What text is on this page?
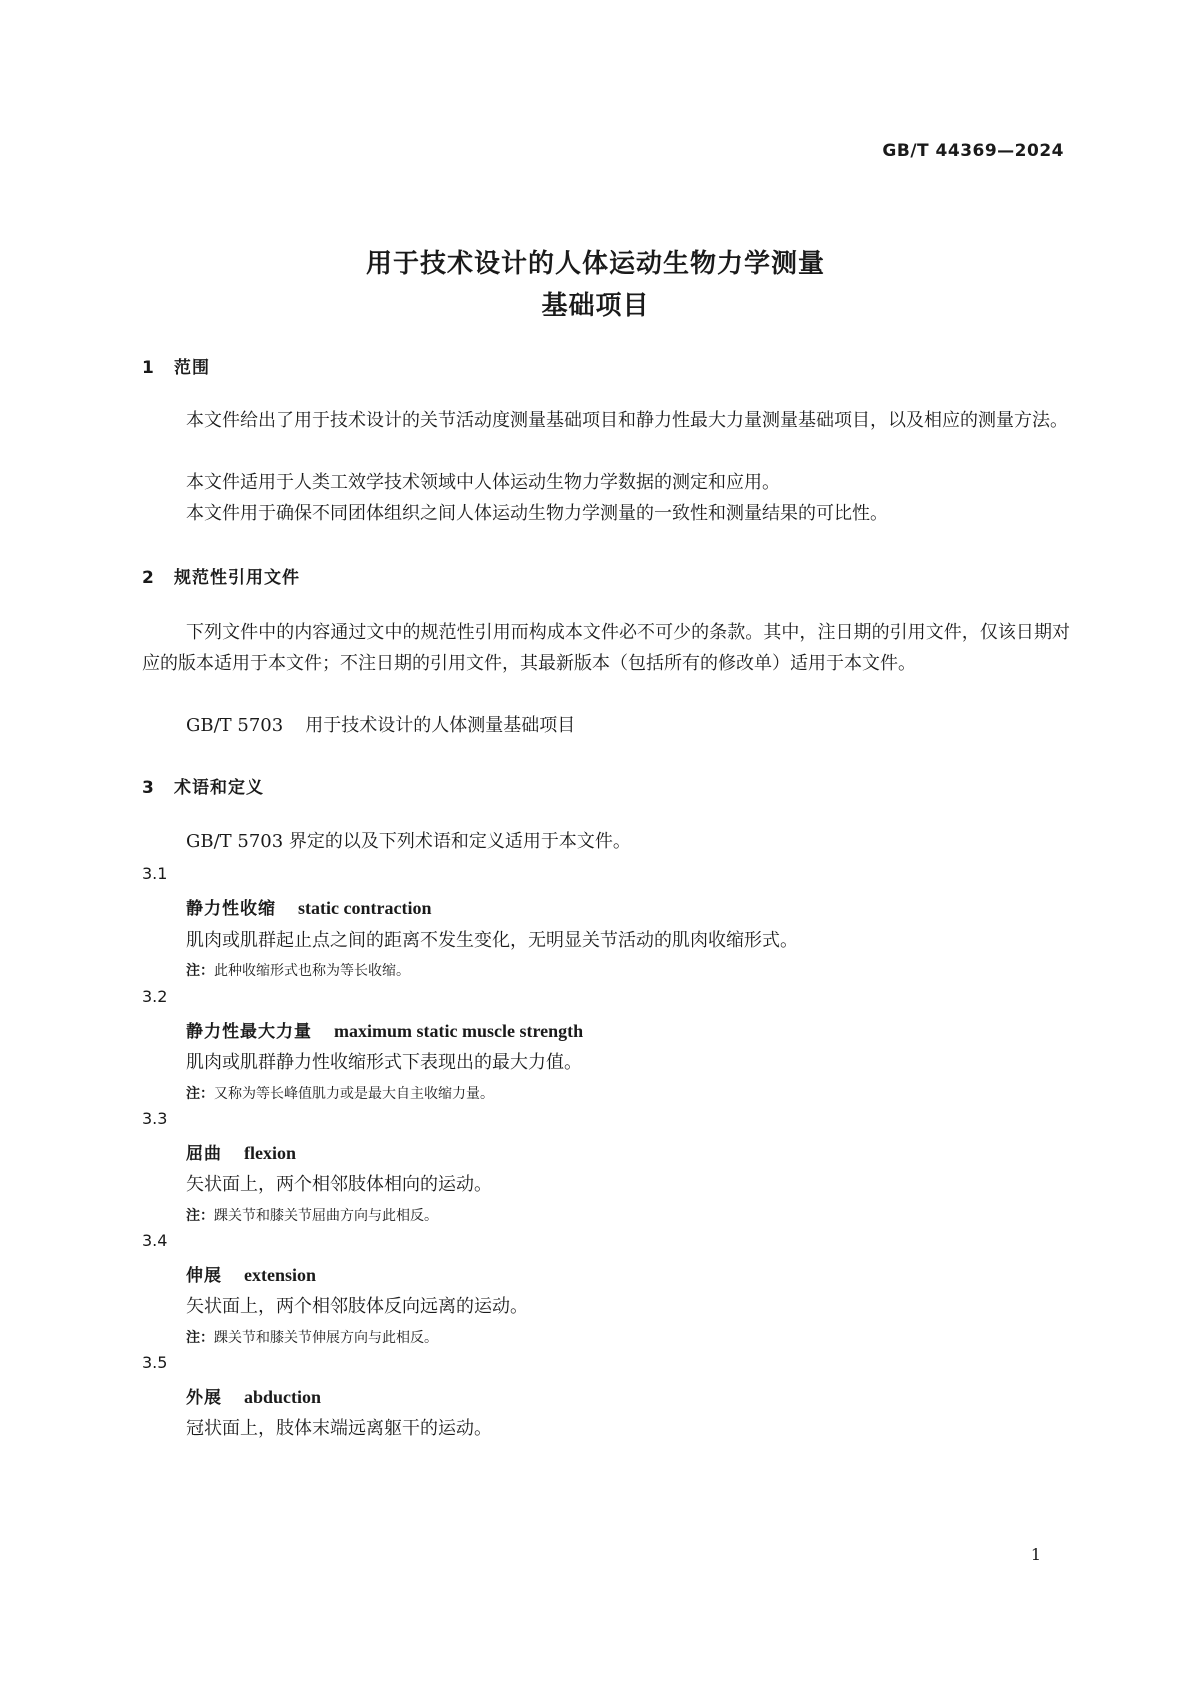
GB/T 44369—2024
用于技术设计的人体运动生物力学测量
基础项目
1 范围

本文件给出了用于技术设计的关节活动度测量基础项目和静力性最大力量测量基础项目，以及相应的测量方法。

本文件适用于人类工效学技术领域中人体运动生物力学数据的测定和应用。
本文件用于确保不同团体组织之间人体运动生物力学测量的一致性和测量结果的可比性。
2 规范性引用文件

下列文件中的内容通过文中的规范性引用而构成本文件必不可少的条款。其中，注日期的引用文件，仅该日期对应的版本适用于本文件；不注日期的引用文件，其最新版本（包括所有的修改单）适用于本文件。

GB/T 5703 用于技术设计的人体测量基础项目
3 术语和定义
GB/T 5703 界定的以及下列术语和定义适用于本文件。
3.1
静力性收缩 static contraction
肌肉或肌群起止点之间的距离不发生变化，无明显关节活动的肌肉收缩形式。
注：此种收缩形式也称为等长收缩。
3.2
静力性最大力量 maximum static muscle strength
肌肉或肌群静力性收缩形式下表现出的最大力值。
注：又称为等长峰值肌力或是最大自主收缩力量。
3.3
屈曲 flexion
矢状面上，两个相邻肢体相向的运动。
注：踝关节和膝关节屈曲方向与此相反。
3.4
伸展 extension
矢状面上，两个相邻肢体反向远离的运动。
注：踝关节和膝关节伸展方向与此相反。
3.5
外展 abduction
冠状面上，肢体末端远离躯干的运动。
1
